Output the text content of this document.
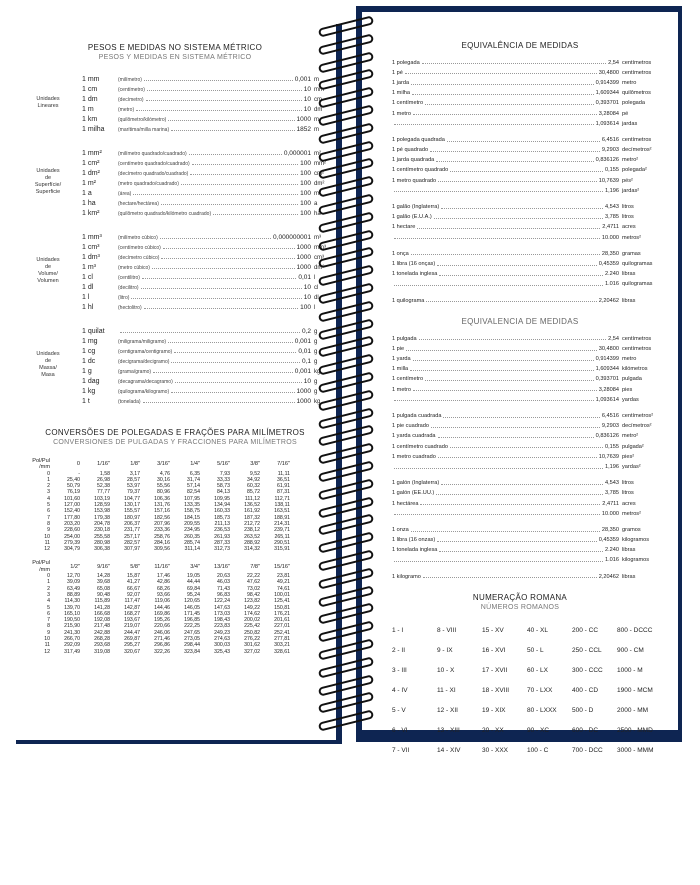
PESOS E MEDIDAS NO SISTEMA MÉTRICO
PESOS Y MEDIDAS EN SISTEMA MÉTRICO
Unidades
Lineares
1 mm	(milímetro)	0,001 m
1 cm	(centímetro)	10 mm
1 dm	(decímetro)	10 cm
1 m	(metro)	10 dm
1 km	(quilômetro/kilómetro)	1000 m
1 milha	(marítima/milla marina)	1852 m
Unidades
de
Superfície/
Superficie
1 mm²	(milímetro quadrado/cuadrado)	0,000001 m²
1 cm²	(centímetro quadrado/cuadrado)	100 mm²
1 dm²	(decímetro quadrado/cuadrado)	100 cm²
1 m²	(metro quadrado/cuadrado)	100 dm²
1 a	(área)	100 m²
1 ha	(hectare/hectárea)	100 a
1 km²	(quilômetro quadrado/kilómetro cuadrado)	100 ha
Unidades
de
Volume/
Volumen
1 mm³	(milímetro cúbico)	0,000000001 m³
1 cm³	(centímetro cúbico)	1000 mm³
1 dm³	(decímetro cúbico)	1000 cm³
1 m³	(metro cúbico)	1000 dm³
1 cl	(centilitro)	0,01 l
1 dl	(decilitro)	10 cl
1 l	(litro)	10 dl
1 hl	(hectolitro)	100 l
Unidades
de
Massa/
Masa
1 quilat	0,2 g
1 mg	(miligrama/miligramo)	0,001 g
1 cg	(centigrama/centigramo)	0,01 g
1 dc	(decigrama/decigramo)	0,1 g
1 g	(grama/gramo)	0,001 kg
1 dag	(decagrama/decagramo)	10 g
1 kg	(quilograma/kilogramo)	1000 g
1 t	(tonelada)	1000 kg
CONVERSÕES DE POLEGADAS E FRAÇÕES PARA MILÍMETROS
CONVERSIONES DE PULGADAS Y FRACCIONES PARA MILÍMETROS
Pol/Pul /mm	0	1/16"	1/8"	3/16"	1/4"	5/16"	3/8"	7/16"
0	-	1,58	3,17	4,76	6,35	7,93	9,52	11,11
1	25,40	26,98	28,57	30,16	31,74	33,33	34,92	36,51
2	50,79	52,38	53,97	55,56	57,14	58,73	60,32	61,91
3	76,19	77,77	79,37	80,96	82,54	84,13	85,72	87,31
4	101,60	103,19	104,77	106,36	107,95	109,95	111,12	112,71
5	127,00	128,59	130,17	131,76	133,35	134,94	136,52	138,11
6	152,40	153,98	155,57	157,16	158,75	160,33	161,92	163,51
7	177,80	179,38	180,97	182,56	184,15	185,73	187,32	188,91
8	203,20	204,78	206,37	207,96	209,55	211,13	212,72	214,31
9	228,60	230,18	231,77	233,36	234,95	236,53	238,12	239,71
10	254,00	255,58	257,17	258,76	260,35	261,93	263,52	265,11
11	279,39	280,98	282,57	284,16	285,74	287,33	288,92	290,51
12	304,79	306,38	307,97	309,56	311,14	312,73	314,32	315,91
Pol/Pul /mm	1/2"	9/16"	5/8"	11/16"	3/4"	13/16"	7/8"	15/16"
0	12,70	14,28	15,87	17,46	19,05	20,63	22,22	23,81
1	39,09	39,68	41,27	42,86	44,44	46,03	47,62	49,21
2	63,49	65,08	66,67	68,26	69,84	71,43	73,02	74,61
3	88,89	90,48	92,07	93,66	95,24	96,83	98,42	100,01
4	114,30	115,89	117,47	119,06	120,65	122,24	123,82	125,41
5	139,70	141,28	142,87	144,46	146,05	147,63	149,22	150,81
6	165,10	166,68	168,27	169,86	171,45	173,03	174,62	176,21
7	190,50	192,08	193,67	195,26	196,85	198,43	200,02	201,61
8	215,90	217,48	219,07	220,66	222,25	223,83	225,42	227,01
9	241,30	242,88	244,47	246,06	247,65	249,23	250,82	252,41
10	266,70	268,28	269,87	271,46	273,05	274,63	276,22	277,81
11	292,09	293,68	295,27	296,86	298,44	300,03	301,62	303,21
12	317,49	319,08	320,67	322,26	323,84	325,43	327,02	328,61
EQUIVALÊNCIA DE MEDIDAS
1 polegada	2,54 centímetros
1 pé	30,4800 centímetros
1 jarda	0,914399 metro
1 milha	1,609344 quilômetros
1 centímetro	0,393701 polegada
1 metro	3,28084 pé
1,093614 jardas
1 polegada quadrada	6,4516 centímetros
1 pé quadrado	9,2903 decímetros²
1 jarda quadrada	0,836126 metro²
1 centímetro quadrado	0,155 polegada²
1 metro quadrado	10,7639 pés²
1,196 jardas²
1 galão (Inglaterra)	4,543 litros
1 galão (E.U.A.)	3,785 litros
1 hectare	2,4711 acres
10.000 metros²
1 onça	28,350 gramas
1 libra (16 onças)	0,45359 quilogramas
1 tonelada inglesa	2.240 libras
1.016 quilogramas
1 quilograma	2,20462 libras
EQUIVALENCIA DE MEDIDAS
1 pulgada	2,54 centímetros
1 pie	30,4800 centímetros
1 yarda	0,914399 metro
1 milla	1,609344 kilómetros
1 centímetro	0,393701 pulgada
1 metro	3,28084 pies
1,093614 yardas
1 pulgada cuadrada	6,4516 centímetros²
1 pie cuadrado	9,2903 decímetros²
1 yarda cuadrada	0,836126 metro²
1 centímetro cuadrado	0,155 pulgada²
1 metro cuadrado	10,7639 pies²
1,196 yardas²
1 galón (Inglaterra)	4,543 litros
1 galón (EE.UU.)	3,785 litros
1 hectárea	2,4711 acres
10.000 metros²
1 onza	28,350 gramos
1 libra (16 onzas)	0,45359 kilogramos
1 tonelada inglesa	2.240 libras
1.016 kilogramos
1 kilogramo	2,20462 libras
NUMERAÇÃO ROMANA
NÚMEROS ROMANOS
1 - I	8 - VIII	15 - XV	40 - XL	200 - CC	800 - DCCC
2 - II	9 - IX	16 - XVI	50 - L	250 - CCL	900 - CM
3 - III	10 - X	17 - XVII	60 - LX	300 - CCC	1000 - M
4 - IV	11 - XI	18 - XVIII	70 - LXX	400 - CD	1900 - MCM
5 - V	12 - XII	19 - XIX	80 - LXXX	500 - D	2000 - MM
6 - VI	13 - XIII	20 - XX	90 - XC	600 - DC	2500 - MMD
7 - VII	14 - XIV	30 - XXX	100 - C	700 - DCC	3000 - MMM
